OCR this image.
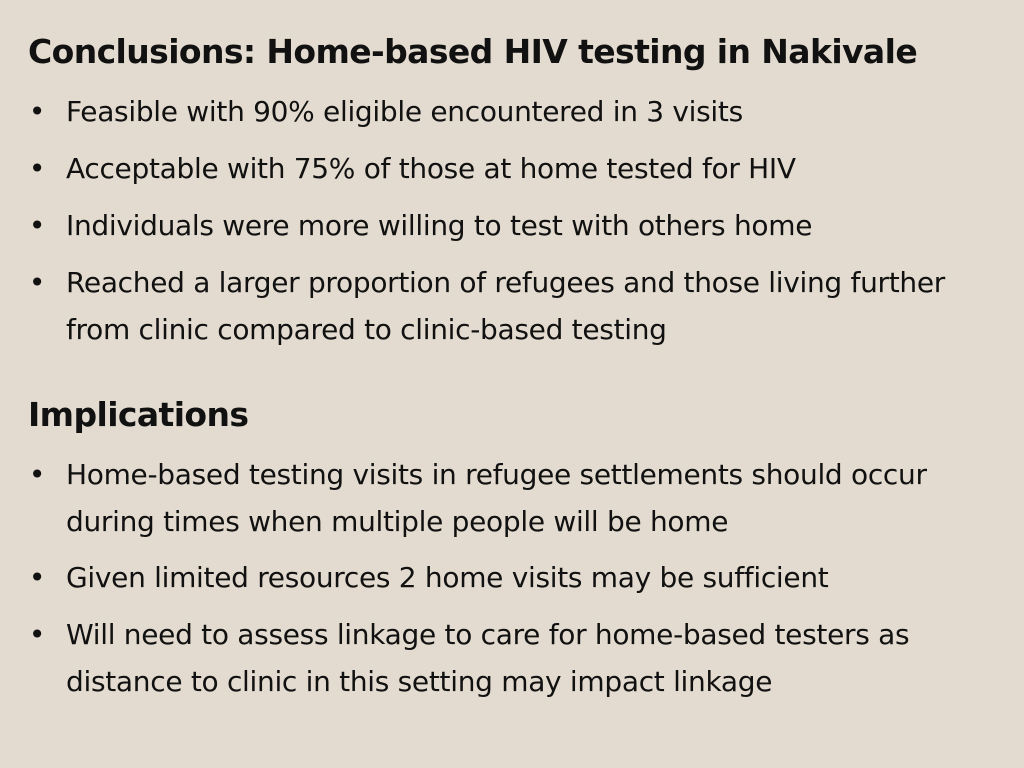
Conclusions: Home-based HIV testing in Nakivale
• Feasible with 90% eligible encountered in 3 visits
• Acceptable with 75% of those at home tested for HIV
• Individuals were more willing to test with others home
• Reached a larger proportion of refugees and those living further from clinic compared to clinic-based testing
Implications
• Home-based testing visits in refugee settlements should occur during times when multiple people will be home
• Given limited resources 2 home visits may be sufficient
• Will need to assess linkage to care for home-based testers as distance to clinic in this setting may impact linkage
